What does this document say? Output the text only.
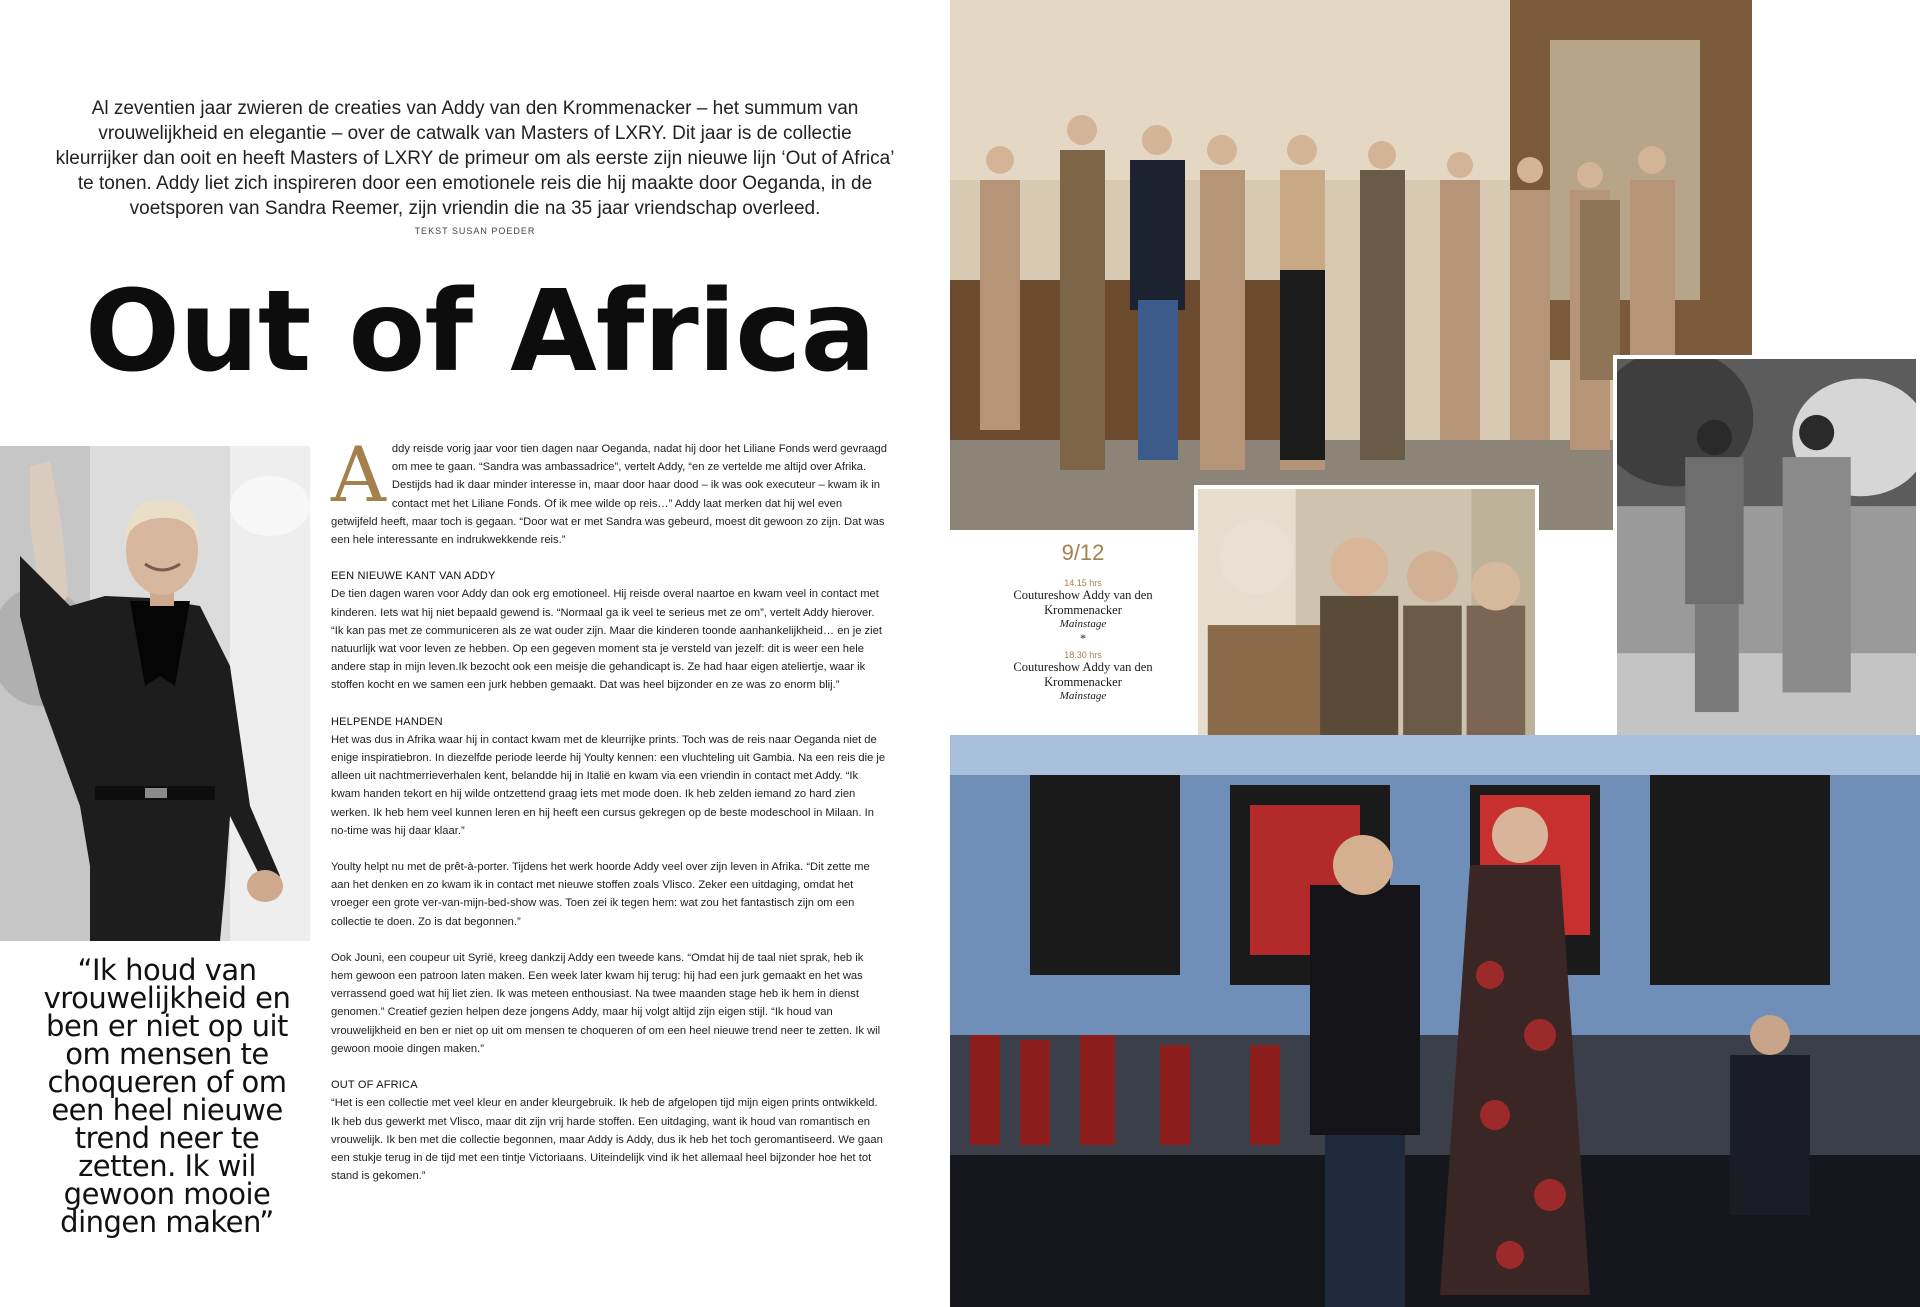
Al zeventien jaar zwieren de creaties van Addy van den Krommenacker – het summum van vrouwelijkheid en elegantie – over de catwalk van Masters of LXRY. Dit jaar is de collectie kleurrijker dan ooit en heeft Masters of LXRY de primeur om als eerste zijn nieuwe lijn ‘Out of Africa’ te tonen. Addy liet zich inspireren door een emotionele reis die hij maakte door Oeganda, in de voetsporen van Sandra Reemer, zijn vriendin die na 35 jaar vriendschap overleed.

TEKST SUSAN POEDER
Out of Africa

“Ik houd van vrouwelijkheid en ben er niet op uit om mensen te choqueren of om een heel nieuwe trend neer te zetten. Ik wil gewoon mooie dingen maken”

Addy reisde vorig jaar voor tien dagen naar Oeganda, nadat hij door het Liliane Fonds werd gevraagd om mee te gaan. “Sandra was ambassadrice”, vertelt Addy, “en ze vertelde me altijd over Afrika. Destijds had ik daar minder interesse in, maar door haar dood – ik was ook executeur – kwam ik in contact met het Liliane Fonds. Of ik mee wilde op reis…” Addy laat merken dat hij wel even getwijfeld heeft, maar toch is gegaan. “Door wat er met Sandra was gebeurd, moest dit gewoon zo zijn. Dat was een hele interessante en indrukwekkende reis.”

EEN NIEUWE KANT VAN ADDY

De tien dagen waren voor Addy dan ook erg emotioneel. Hij reisde overal naartoe en kwam veel in contact met kinderen. Iets wat hij niet bepaald gewend is. “Normaal ga ik veel te serieus met ze om”, vertelt Addy hierover. “Ik kan pas met ze communiceren als ze wat ouder zijn. Maar die kinderen toonde aanhankelijkheid… en je ziet natuurlijk wat voor leven ze hebben. Op een gegeven moment sta je versteld van jezelf: dit is weer een hele andere stap in mijn leven.Ik bezocht ook een meisje die gehandicapt is. Ze had haar eigen ateliertje, waar ik stoffen kocht en we samen een jurk hebben gemaakt. Dat was heel bijzonder en ze was zo enorm blij.”

HELPENDE HANDEN

Het was dus in Afrika waar hij in contact kwam met de kleurrijke prints. Toch was de reis naar Oeganda niet de enige inspiratiebron. In diezelfde periode leerde hij Youlty kennen: een vluchteling uit Gambia. Na een reis die je alleen uit nachtmerrieverhalen kent, belandde hij in Italië en kwam via een vriendin in contact met Addy. “Ik kwam handen tekort en hij wilde ontzettend graag iets met mode doen. Ik heb zelden iemand zo hard zien werken. Ik heb hem veel kunnen leren en hij heeft een cursus gekregen op de beste modeschool in Milaan. In no-time was hij daar klaar.”

Youlty helpt nu met de prêt-à-porter. Tijdens het werk hoorde Addy veel over zijn leven in Afrika. “Dit zette me aan het denken en zo kwam ik in contact met nieuwe stoffen zoals Vlisco. Zeker een uitdaging, omdat het vroeger een grote ver-van-mijn-bed-show was. Toen zei ik tegen hem: wat zou het fantastisch zijn om een collectie te doen. Zo is dat begonnen.”

Ook Jouni, een coupeur uit Syrië, kreeg dankzij Addy een tweede kans. “Omdat hij de taal niet sprak, heb ik hem gewoon een patroon laten maken. Een week later kwam hij terug: hij had een jurk gemaakt en het was verrassend goed wat hij liet zien. Ik was meteen enthousiast. Na twee maanden stage heb ik hem in dienst genomen.” Creatief gezien helpen deze jongens Addy, maar hij volgt altijd zijn eigen stijl. “Ik houd van vrouwelijkheid en ben er niet op uit om mensen te choqueren of om een heel nieuwe trend neer te zetten. Ik wil gewoon mooie dingen maken.”

OUT OF AFRICA

“Het is een collectie met veel kleur en ander kleurgebruik. Ik heb de afgelopen tijd mijn eigen prints ontwikkeld. Ik heb dus gewerkt met Vlisco, maar dit zijn vrij harde stoffen. Een uitdaging, want ik houd van romantisch en vrouwelijk. Ik ben met die collectie begonnen, maar Addy is Addy, dus ik heb het toch geromantiseerd. We gaan een stukje terug in de tijd met een tintje Victoriaans. Uiteindelijk vind ik het allemaal heel bijzonder hoe het tot stand is gekomen.”

9/12
14.15 hrs
Coutureshow Addy van den Krommenacker
Mainstage
*
18.30 hrs
Coutureshow Addy van den Krommenacker
Mainstage
